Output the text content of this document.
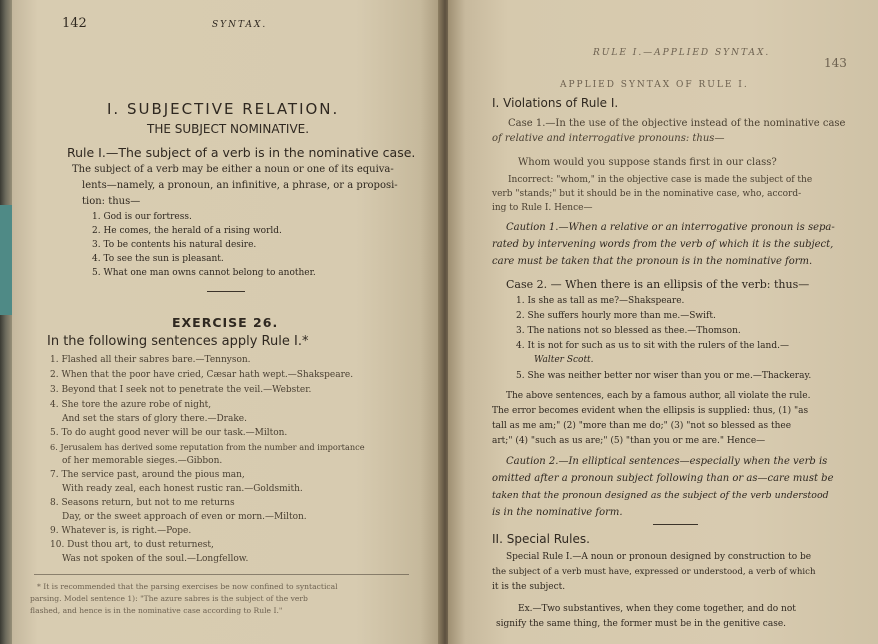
142	SYNTAX.
I. SUBJECTIVE RELATION.
THE SUBJECT NOMINATIVE.
Rule I.—The subject of a verb is in the nominative case.
The subject of a verb may be either a noun or one of its equiva-
lents—namely, a pronoun, an infinitive, a phrase, or a proposi-
tion: thus—
1. God is our fortress.
2. He comes, the herald of a rising world.
3. To be contents his natural desire.
4. To see the sun is pleasant.
5. What one man owns cannot belong to another.
EXERCISE 26.
In the following sentences apply Rule I.*
1. Flashed all their sabres bare.—Tennyson.
2. When that the poor have cried, Cæsar hath wept.—Shakspeare.
3. Beyond that I seek not to penetrate the veil.—Webster.
4. She tore the azure robe of night,
And set the stars of glory there.—Drake.
5. To do aught good never will be our task.—Milton.
6. Jerusalem has derived some reputation from the number and importance
of her memorable sieges.—Gibbon.
7. The service past, around the pious man,
With ready zeal, each honest rustic ran.—Goldsmith.
8. Seasons return, but not to me returns
Day, or the sweet approach of even or morn.—Milton.
9. Whatever is, is right.—Pope.
10. Dust thou art, to dust returnest,
Was not spoken of the soul.—Longfellow.
* It is recommended that the parsing exercises be now confined to syntactical
parsing. Model sentence 1): "The azure sabres is the subject of the verb
flashed, and hence is in the nominative case according to Rule I."
RULE I.—APPLIED SYNTAX.
143
APPLIED SYNTAX OF RULE I.
I. Violations of Rule I.
Case 1.—In the use of the objective instead of the nominative case
of relative and interrogative pronouns: thus—
Whom would you suppose stands first in our class?
Incorrect: "whom," in the objective case is made the subject of the
verb "stands;" but it should be in the nominative case, who, accord-
ing to Rule I. Hence—
Caution 1.—When a relative or an interrogative pronoun is sepa-
rated by intervening words from the verb of which it is the subject,
care must be taken that the pronoun is in the nominative form.
Case 2. — When there is an ellipsis of the verb: thus—
1. Is she as tall as me?—Shakspeare.
2. She suffers hourly more than me.—Swift.
3. The nations not so blessed as thee.—Thomson.
4. It is not for such as us to sit with the rulers of the land.—
Walter Scott.
5. She was neither better nor wiser than you or me.—Thackeray.
The above sentences, each by a famous author, all violate the rule.
The error becomes evident when the ellipsis is supplied: thus, (1) "as
tall as me am;" (2) "more than me do;" (3) "not so blessed as thee
art;" (4) "such as us are;" (5) "than you or me are." Hence—
Caution 2.—In elliptical sentences—especially when the verb is
omitted after a pronoun subject following than or as—care must be
taken that the pronoun designed as the subject of the verb understood
is in the nominative form.
II. Special Rules.
Special Rule I.—A noun or pronoun designed by construction to be
the subject of a verb must have, expressed or understood, a verb of which
it is the subject.
Ex.—Two substantives, when they come together, and do not
signify the same thing, the former must be in the genitive case.
